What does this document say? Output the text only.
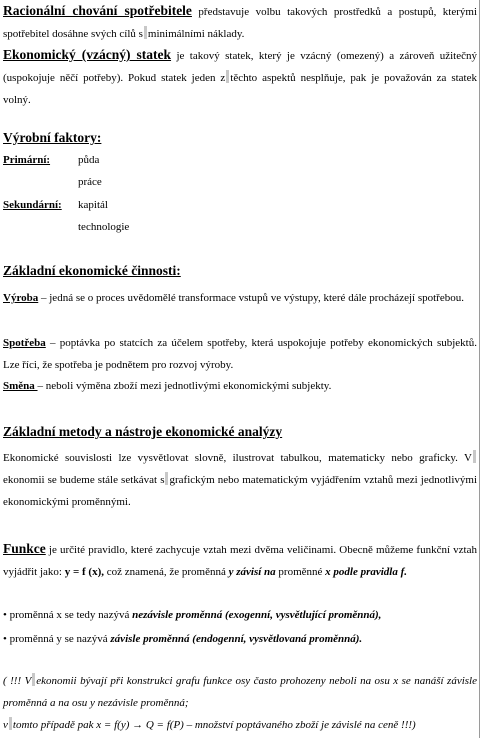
Racionální chování spotřebitele představuje volbu takových prostředků a postupů, kterými spotřebitel dosáhne svých cílů s minimálními náklady.
Ekonomický (vzácný) statek je takový statek, který je vzácný (omezený) a zároveň užitečný (uspokojuje něčí potřeby). Pokud statek jeden z těchto aspektů nesplňuje, pak je považován za statek volný.
Výrobní faktory:
Primární:	půda
práce
Sekundární: kapitál
technologie
Základní ekonomické činnosti:
Výroba – jedná se o proces uvědomělé transformace vstupů ve výstupy, které dále procházejí spotřebou.
Spotřeba – poptávka po statcích za účelem spotřeby, která uspokojuje potřeby ekonomických subjektů. Lze říci, že spotřeba je podnětem pro rozvoj výroby.
Směna – neboli výměna zboží mezi jednotlivými ekonomickými subjekty.
Základní metody a nástroje ekonomické analýzy
Ekonomické souvislosti lze vysvětlovat slovně, ilustrovat tabulkou, matematicky nebo graficky. Vekonomii se budeme stále setkávat s grafickým nebo matematickým vyjádřením vztahů mezi jednotlivými ekonomickými proměnnými.
Funkce je určité pravidlo, které zachycuje vztah mezi dvěma veličinami. Obecně můžeme funkční vztah vyjádřit jako: y = f (x), což znamená, že proměnná y závisí na proměnné x podle pravidla f.
• proměnná x se tedy nazývá nezávisle proměnná (exogenní, vysvětlující proměnná),
• proměnná y se nazývá závisle proměnná (endogenní, vysvětlovaná proměnná).
( !!! V ekonomii bývají při konstrukci grafu funkce osy často prohozeny neboli na osu x se nanáší závisle proměnná a na osu y nezávisle proměnná;
v tomto případě pak x = f(y) → Q = f(P) – množství poptávaného zboží je závislé na ceně !!!)
